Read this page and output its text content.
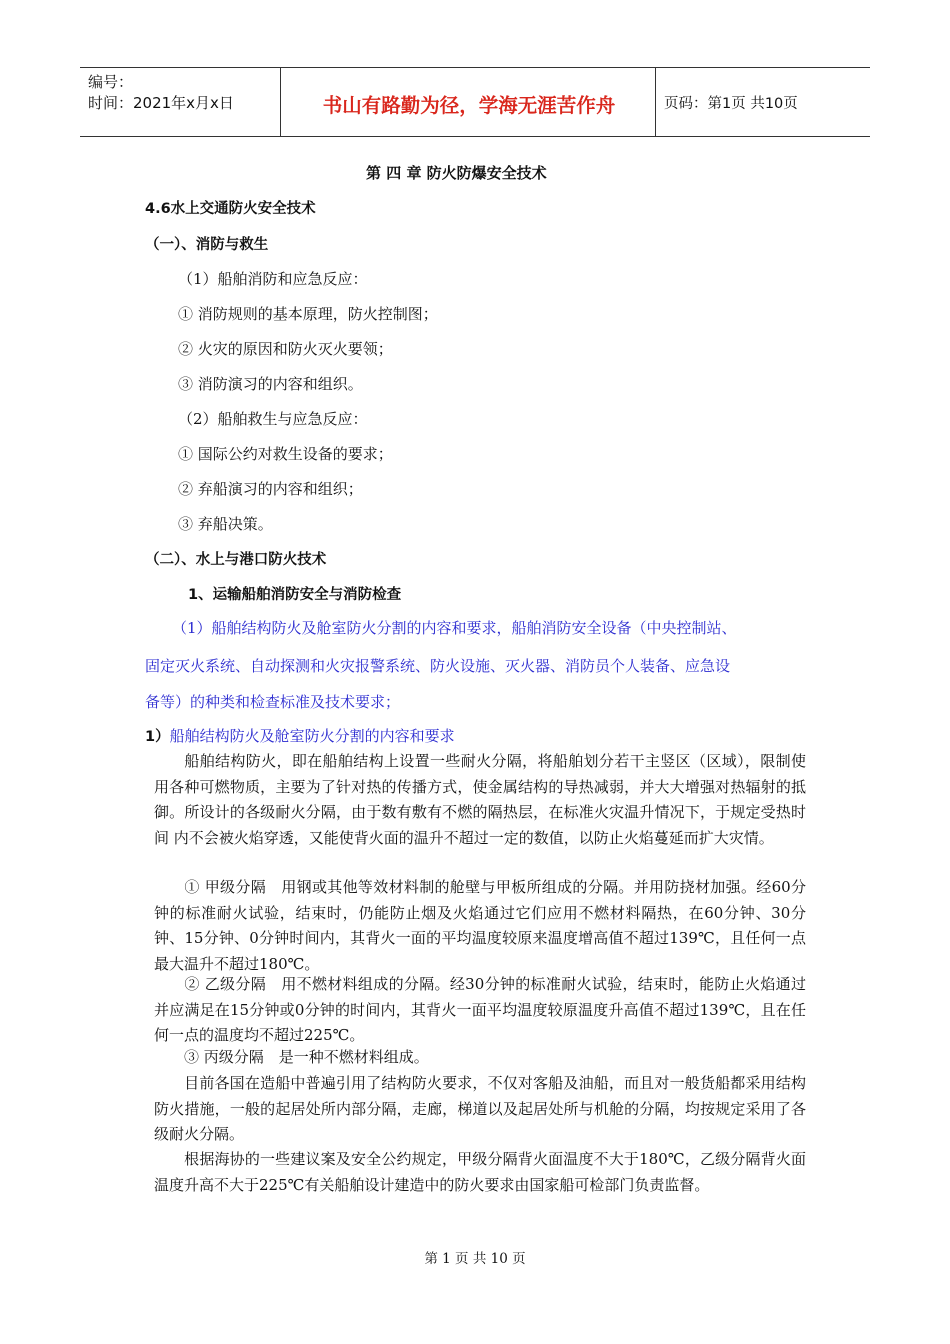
编号：
时间：2021年x月x日	书山有路勤为径，学海无涯苦作舟	页码：第1页 共10页
第 四 章 防火防爆安全技术
4.6水上交通防火安全技术
（一）、消防与救生
（1）船舶消防和应急反应：
① 消防规则的基本原理，防火控制图；
② 火灾的原因和防火灭火要领；
③ 消防演习的内容和组织。
（2）船舶救生与应急反应：
① 国际公约对救生设备的要求；
② 弃船演习的内容和组织；
③ 弃船决策。
（二）、水上与港口防火技术
1、运输船舶消防安全与消防检查
（1）船舶结构防火及舱室防火分割的内容和要求，船舶消防安全设备（中央控制站、
固定灭火系统、自动探测和火灾报警系统、防火设施、灭火器、消防员个人装备、应急设
备等）的种类和检查标准及技术要求；
1）船舶结构防火及舱室防火分割的内容和要求
船舶结构防火，即在船舶结构上设置一些耐火分隔，将船舶划分若干主竖区（区域），限制使用各种可燃物质，主要为了针对热的传播方式，使金属结构的导热减弱，并大大增强对热辐射的抵御。所设计的各级耐火分隔，由于数有敷有不燃的隔热层，在标准火灾温升情况下，于规定受热时间 内不会被火焰穿透，又能使背火面的温升不超过一定的数值，以防止火焰蔓延而扩大灾情。
① 甲级分隔　用钢或其他等效材料制的舱壁与甲板所组成的分隔。并用防挠材加强。经60分钟的标准耐火试验，结束时，仍能防止烟及火焰通过它们应用不燃材料隔热，在60分钟、30分钟、15分钟、0分钟时间内，其背火一面的平均温度较原来温度增高值不超过139℃，且任何一点最大温升不超过180℃。
② 乙级分隔　用不燃材料组成的分隔。经30分钟的标准耐火试验，结束时，能防止火焰通过并应满足在15分钟或0分钟的时间内，其背火一面平均温度较原温度升高值不超过139℃，且在任何一点的温度均不超过225℃。
③ 丙级分隔　是一种不燃材料组成。
目前各国在造船中普遍引用了结构防火要求，不仅对客船及油船，而且对一般货船都采用结构防火措施，一般的起居处所内部分隔，走廊，梯道以及起居处所与机舱的分隔，均按规定采用了各级耐火分隔。
根据海协的一些建议案及安全公约规定，甲级分隔背火面温度不大于180℃，乙级分隔背火面温度升高不大于225℃有关船舶设计建造中的防火要求由国家船可检部门负责监督。
第 1 页 共 10 页
